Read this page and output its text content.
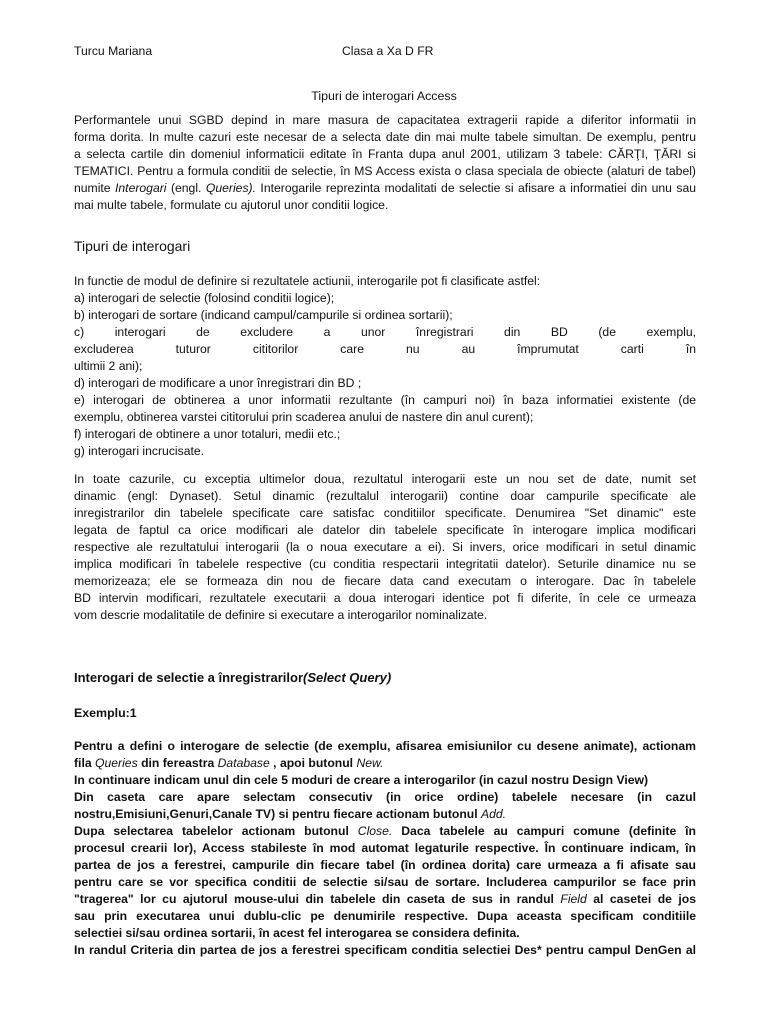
Turcu Mariana	Clasa a Xa D FR
Tipuri de interogari Access

Performantele unui SGBD depind in mare masura de capacitatea extragerii rapide a diferitor informatii in

forma dorita. In multe cazuri este necesar de a selecta date din mai multe tabele simultan. De exemplu, pentru

a selecta cartile din domeniul informaticii editate în Franta dupa anul 2001, utilizam 3 tabele: CĂRŢI, ŢĂRI si

TEMATICI. Pentru a formula conditii de selectie, în MS Access exista o clasa speciala de obiecte (alaturi de tabel)

numite Interogari (engl. Queries). Interogarile reprezinta modalitati de selectie si afisare a informatiei din unu sau

mai multe tabele, formulate cu ajutorul unor conditii logice.

Tipuri de interogari

In functie de modul de definire si rezultatele actiunii, interogarile pot fi clasificate astfel:

a) interogari de selectie (folosind conditii logice);

b) interogari de sortare (indicand campul/campurile si ordinea sortarii);

c) interogari de excludere a unor înregistrari din BD (de exemplu,

excluderea tuturor cititorilor care nu au împrumutat carti în

ultimii 2 ani);

d) interogari de modificare a unor înregistrari din BD ;

e) interogari de obtinerea a unor informatii rezultante (în campuri noi) în baza informatiei existente (de

exemplu, obtinerea varstei cititorului prin scaderea anului de nastere din anul curent);

f) interogari de obtinere a unor totaluri, medii etc.;

g) interogari incrucisate.

In toate cazurile, cu exceptia ultimelor doua, rezultatul interogarii este un nou set de date, numit set

dinamic (engl: Dynaset). Setul dinamic (rezultalul interogarii) contine doar campurile specificate ale

inregistrarilor din tabelele specificate care satisfac conditiilor specificate. Denumirea "Set dinamic" este

legata de faptul ca orice modificari ale datelor din tabelele specificate în interogare implica modificari

respective ale rezultatului interogarii (la o noua executare a ei). Si invers, orice modificari in setul dinamic

implica modificari în tabelele respective (cu conditia respectarii integritatii datelor). Seturile dinamice nu se

memorizeaza; ele se formeaza din nou de fiecare data cand executam o interogare. Dac în tabelele

BD intervin modificari, rezultatele executarii a doua interogari identice pot fi diferite, în cele ce urmeaza

vom descrie modalitatile de definire si executare a interogarilor nominalizate.

Interogari de selectie a înregistrarilor(Select Query)
Exemplu:1

Pentru a defini o interogare de selectie (de exemplu, afisarea emisiunilor cu desene animate), actionam

fila Queries din fereastra Database , apoi butonul New.

In continuare indicam unul din cele 5 moduri de creare a interogarilor (in cazul nostru Design View)

Din caseta care apare selectam consecutiv (in orice ordine) tabelele necesare (in cazul

nostru,Emisiuni,Genuri,Canale TV) si pentru fiecare actionam butonul Add.

Dupa selectarea tabelelor actionam butonul Close. Daca tabelele au campuri comune (definite în

procesul crearii lor), Access stabileste în mod automat legaturile respective. În continuare indicam, în

partea de jos a ferestrei, campurile din fiecare tabel (în ordinea dorita) care urmeaza a fi afisate sau

pentru care se vor specifica conditii de selectie si/sau de sortare. Includerea campurilor se face prin

"tragerea" lor cu ajutorul mouse-ului din tabelele din caseta de sus in randul Field al casetei de jos

sau prin executarea unui dublu-clic pe denumirile respective. Dupa aceasta specificam conditiile

selectiei si/sau ordinea sortarii, în acest fel interogarea se considera definita.

In randul Criteria din partea de jos a ferestrei specificam conditia selectiei Des* pentru campul DenGen al
